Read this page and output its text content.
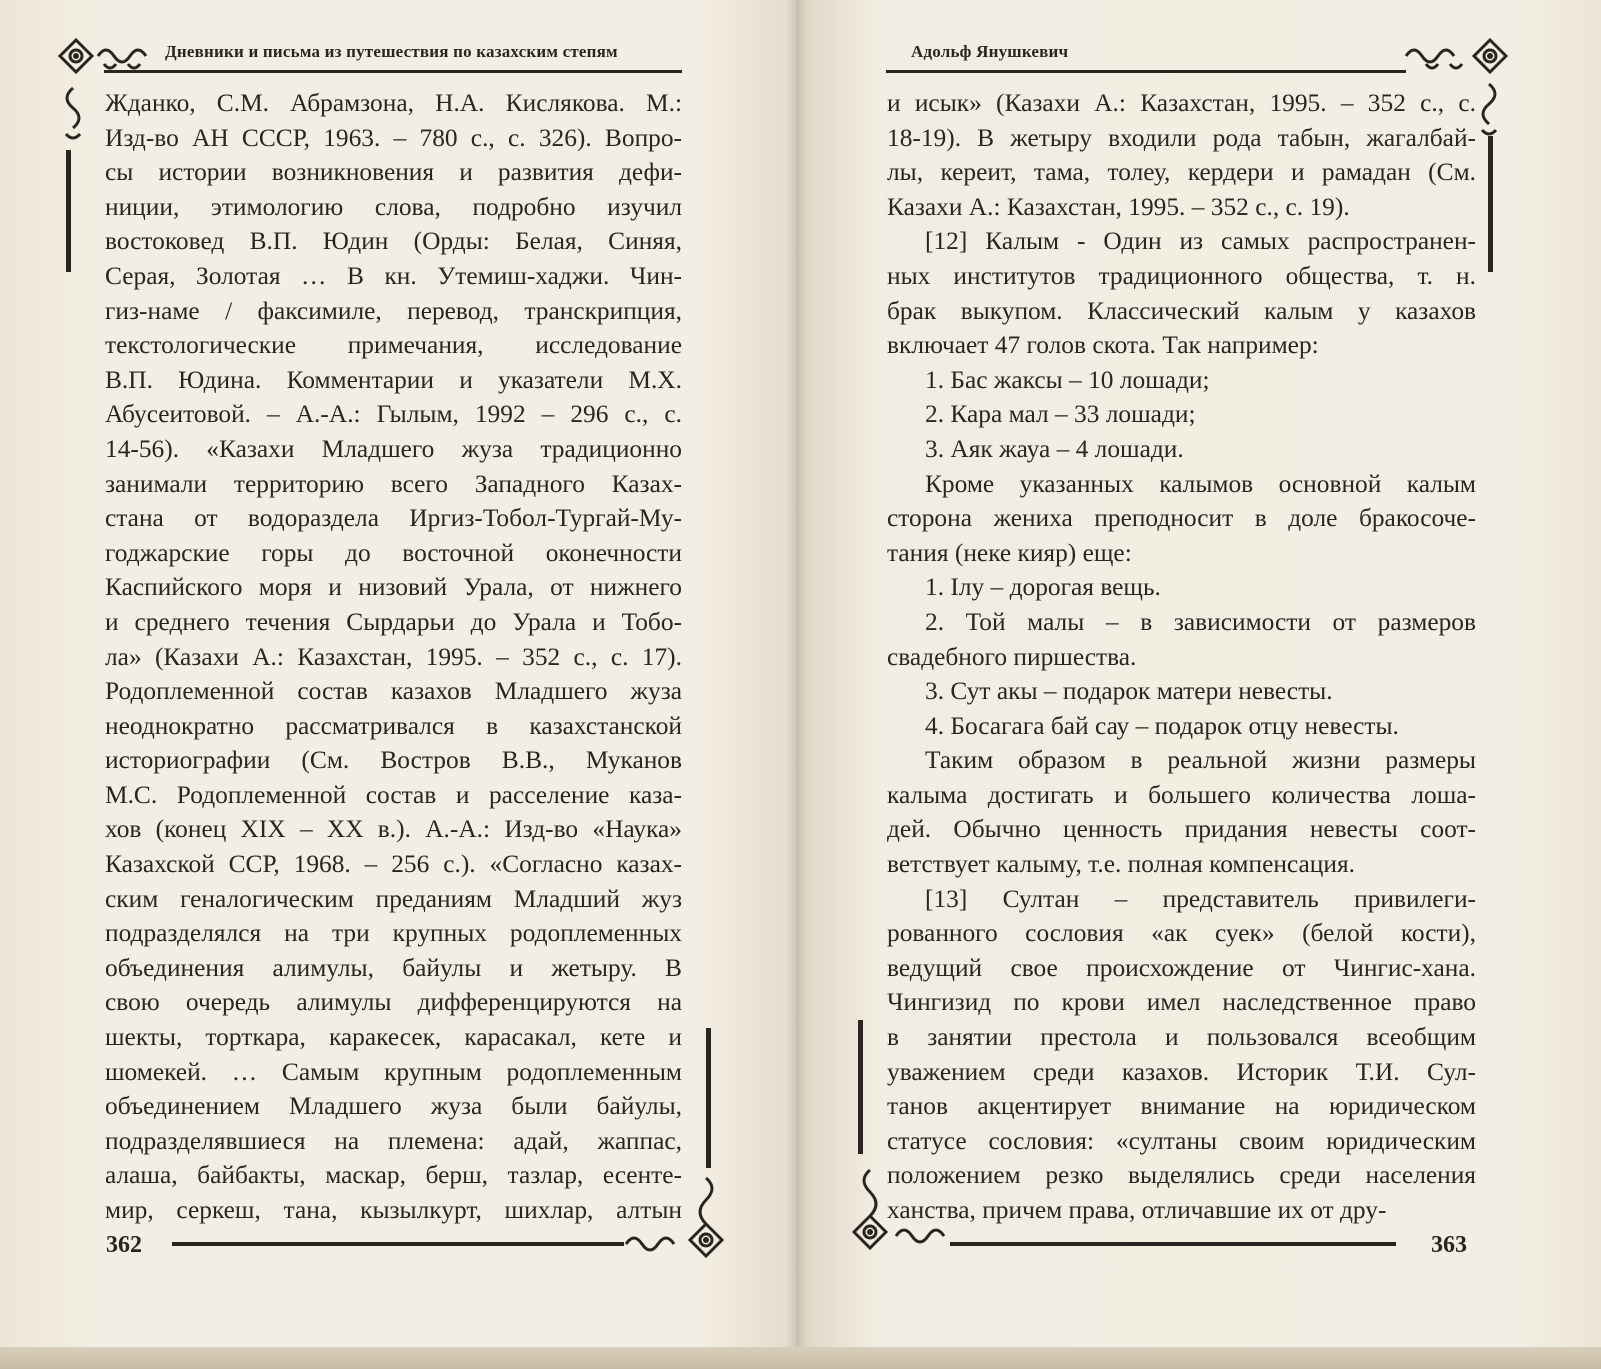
Дневники и письма из путешествия по казахским степям
Жданко, С.М. Абрамзона, Н.А. Кислякова. М.:
Изд-во АН СССР, 1963. – 780 с., с. 326). Вопро-
сы истории возникновения и развития дефи-
ниции, этимологию слова, подробно изучил
востоковед В.П. Юдин (Орды: Белая, Синяя,
Серая, Золотая … В кн. Утемиш-хаджи. Чин-
гиз-наме / факсимиле, перевод, транскрипция,
текстологические примечания, исследование
В.П. Юдина. Комментарии и указатели М.Х.
Абусеитовой. – А.-А.: Гылым, 1992 – 296 с., с.
14-56). «Казахи Младшего жуза традиционно
занимали территорию всего Западного Казах-
стана от водораздела Иргиз-Тобол-Тургай-Му-
годжарские горы до восточной оконечности
Каспийского моря и низовий Урала, от нижнего
и среднего течения Сырдарьи до Урала и Тобо-
ла» (Казахи А.: Казахстан, 1995. – 352 с., с. 17).
Родоплеменной состав казахов Младшего жуза
неоднократно рассматривался в казахстанской
историографии (См. Востров В.В., Муканов
М.С. Родоплеменной состав и расселение каза-
хов (конец XIX – XX в.). А.-А.: Изд-во «Наука»
Казахской ССР, 1968. – 256 с.). «Согласно казах-
ским геналогическим преданиям Младший жуз
подразделялся на три крупных родоплеменных
объединения алимулы, байулы и жетыру. В
свою очередь алимулы дифференцируются на
шекты, торткара, каракесек, карасакал, кете и
шомекей. … Самым крупным родоплеменным
объединением Младшего жуза были байулы,
подразделявшиеся на племена: адай, жаппас,
алаша, байбакты, маскар, берш, тазлар, есенте-
мир, серкеш, тана, кызылкурт, шихлар, алтын
362
Адольф Янушкевич

и исык» (Казахи А.: Казахстан, 1995. – 352 с., с.
18-19). В жетыру входили рода табын, жагалбай-
лы, кереит, тама, толеу, кердери и рамадан (См.
Казахи А.: Казахстан, 1995. – 352 с., с. 19).

[12] Калым - Один из самых распространен-
ных институтов традиционного общества, т. н.
брак выкупом. Классический калым у казахов
включает 47 голов скота. Так например:

1. Бас жаксы – 10 лошади;

2. Кара мал – 33 лошади;

3. Аяк жауа – 4 лошади.

Кроме указанных калымов основной калым
сторона жениха преподносит в доле бракосоче-
тания (неке кияр) еще:

1. Ілу – дорогая вещь.

2. Той малы – в зависимости от размеров
свадебного пиршества.

3. Сут акы – подарок матери невесты.

4. Босагага бай сау – подарок отцу невесты.

Таким образом в реальной жизни размеры
калыма достигать и большего количества лоша-
дей. Обычно ценность придания невесты соот-
ветствует калыму, т.е. полная компенсация.

[13] Султан – представитель привилеги-
рованного сословия «ак суек» (белой кости),
ведущий свое происхождение от Чингис-хана.
Чингизид по крови имел наследственное право
в занятии престола и пользовался всеобщим
уважением среди казахов. Историк Т.И. Сул-
танов акцентирует внимание на юридическом
статусе сословия: «султаны своим юридическим
положением резко выделялись среди населения
ханства, причем права, отличавшие их от дру-

363
